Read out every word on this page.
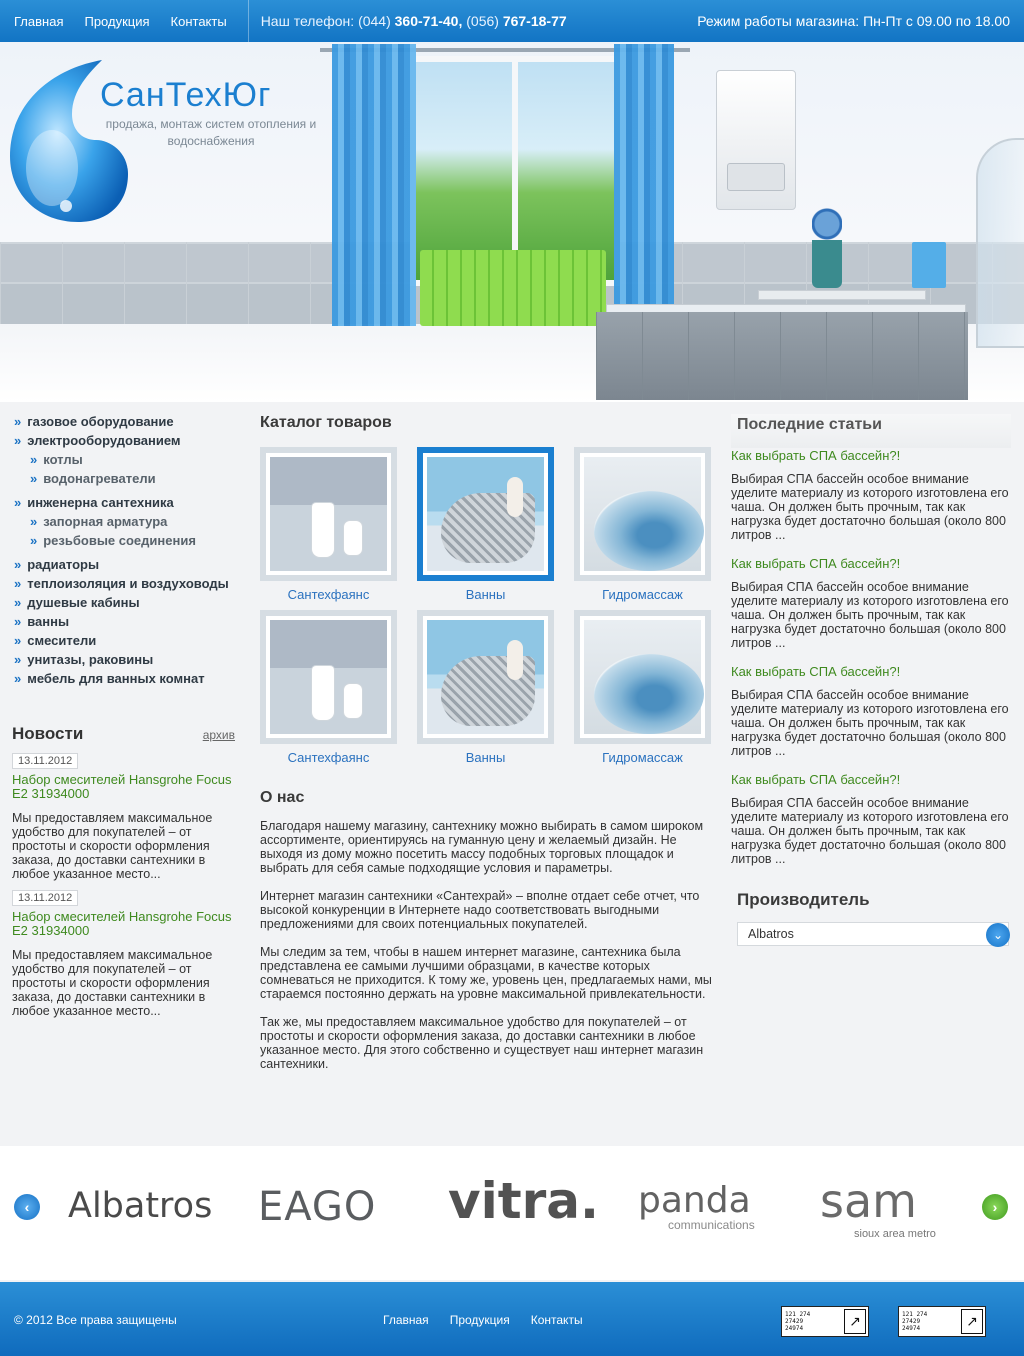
Главная Продукция Контакты Наш телефон: (044) 360-71-40, (056) 767-18-77	Режим работы магазина: Пн-Пт с 09.00 по 18.00
СанТехЮг
продажа, монтаж систем отопления и водоснабжения
» газовое оборудование
» электрооборудованием
» котлы
» водонагреватели
» инженерна сантехника
» запорная арматура
» резьбовые соединения
» радиаторы
» теплоизоляция и воздуховоды
» душевые кабины
» ванны
» смесители
» унитазы, раковины
» мебель для ванных комнат
Новости	архив
13.11.2012
Набор смесителей Hansgrohe Focus E2 31934000
Мы предоставляем максимальное удобство для покупателей – от простоты и скорости оформления заказа, до доставки сантехники в любое указанное место...
13.11.2012
Набор смесителей Hansgrohe Focus E2 31934000
Мы предоставляем максимальное удобство для покупателей – от простоты и скорости оформления заказа, до доставки сантехники в любое указанное место...
Каталог товаров
Сантехфаянс	Ванны	Гидромассаж
Сантехфаянс	Ванны	Гидромассаж
О нас

Благодаря нашему магазину, сантехнику можно выбирать в самом широком ассортименте, ориентируясь на гуманную цену и желаемый дизайн. Не выходя из дому можно посетить массу подобных торговых площадок и выбрать для себя самые подходящие условия и параметры.

Интернет магазин сантехники «Сантехрай» – вполне отдает себе отчет, что высокой конкуренции в Интернете надо соответствовать выгодными предложениями для своих потенциальных покупателей.

Мы следим за тем, чтобы в нашем интернет магазине, сантехника была представлена ее самыми лучшими образцами, в качестве которых сомневаться не приходится. К тому же, уровень цен, предлагаемых нами, мы стараемся постоянно держать на уровне максимальной привлекательности.

Так же, мы предоставляем максимальное удобство для покупателей – от простоты и скорости оформления заказа, до доставки сантехники в любое указанное место. Для этого собственно и существует наш интернет магазин сантехники.

Последние статьи
Как выбрать СПА бассейн?!
Выбирая СПА бассейн особое внимание уделите материалу из которого изготовлена его чаша. Он должен быть прочным, так как нагрузка будет достаточно большая (около 800 литров ...
Как выбрать СПА бассейн?!
Выбирая СПА бассейн особое внимание уделите материалу из которого изготовлена его чаша. Он должен быть прочным, так как нагрузка будет достаточно большая (около 800 литров ...
Как выбрать СПА бассейн?!
Выбирая СПА бассейн особое внимание уделите материалу из которого изготовлена его чаша. Он должен быть прочным, так как нагрузка будет достаточно большая (около 800 литров ...
Как выбрать СПА бассейн?!
Выбирая СПА бассейн особое внимание уделите материалу из которого изготовлена его чаша. Он должен быть прочным, так как нагрузка будет достаточно большая (около 800 литров ...
Производитель
Albatros	⌄
‹ Albatros EAGO vitra. panda
communications sam
sioux area metro
›
© 2012 Все права защищены	Главная Продукция Контакты	121 274
27429
24974	↗	121 274
27429
24974	↗
